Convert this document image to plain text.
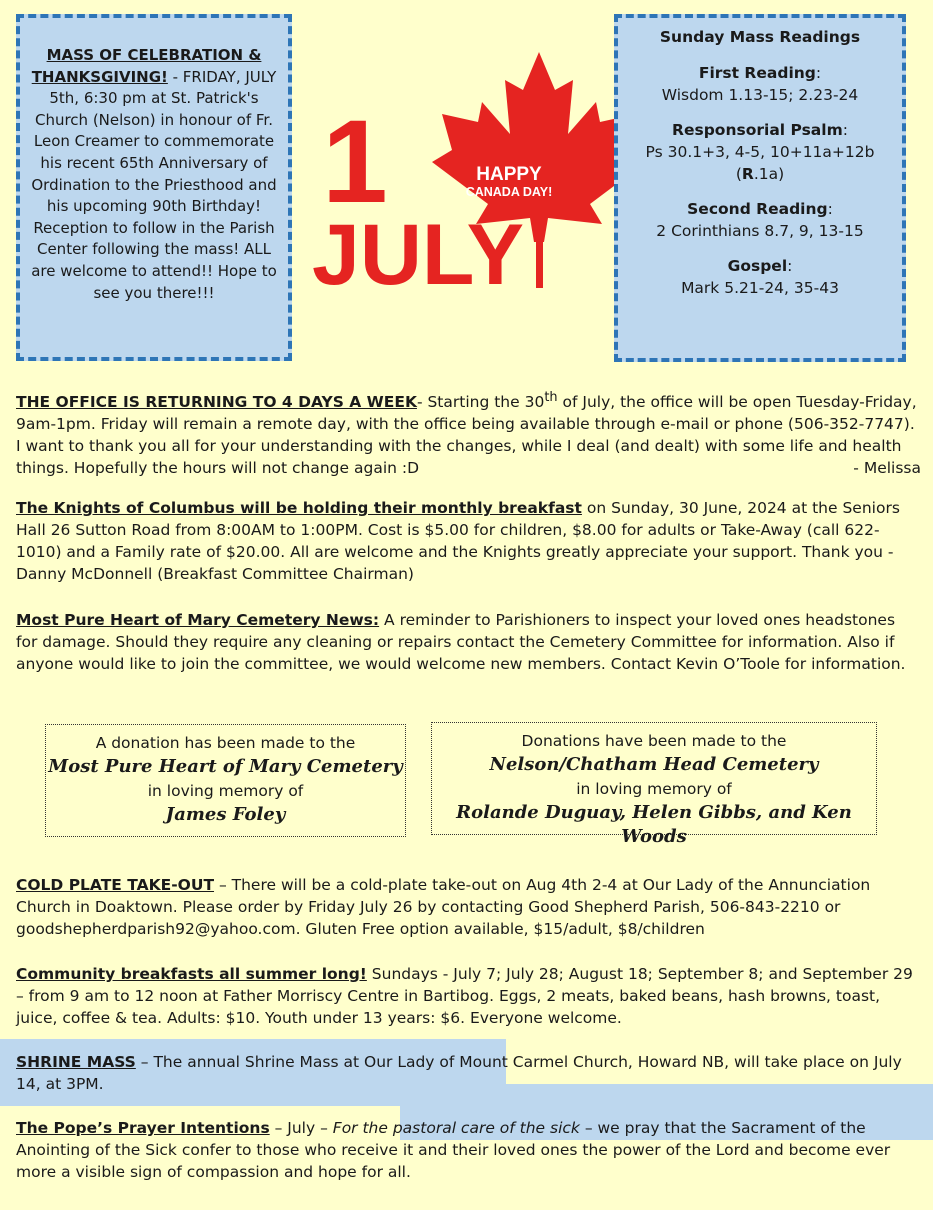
MASS OF CELEBRATION & THANKSGIVING! - FRIDAY, JULY 5th, 6:30 pm at St. Patrick's Church (Nelson) in honour of Fr. Leon Creamer to commemorate his recent 65th Anniversary of Ordination to the Priesthood and his upcoming 90th Birthday! Reception to follow in the Parish Center following the mass! ALL are welcome to attend!! Hope to see you there!!!
1
JULY
HAPPY
CANADA DAY!
Sunday Mass Readings
First Reading:
Wisdom 1.13-15; 2.23-24
Responsorial Psalm:
Ps 30.1+3, 4-5, 10+11a+12b
(R.1a)
Second Reading:
2 Corinthians 8.7, 9, 13-15
Gospel:
Mark 5.21-24, 35-43

THE OFFICE IS RETURNING TO 4 DAYS A WEEK- Starting the 30th of July, the office will be open Tuesday-Friday, 9am-1pm. Friday will remain a remote day, with the office being available through e-mail or phone (506-352-7747). I want to thank you all for your understanding with the changes, while I deal (and dealt) with some life and health things. Hopefully the hours will not change again :D	- Melissa

The Knights of Columbus will be holding their monthly breakfast on Sunday, 30 June, 2024 at the Seniors Hall 26 Sutton Road from 8:00AM to 1:00PM. Cost is $5.00 for children, $8.00 for adults or Take-Away (call 622-1010) and a Family rate of $20.00. All are welcome and the Knights greatly appreciate your support. Thank you -Danny McDonnell (Breakfast Committee Chairman)

Most Pure Heart of Mary Cemetery News: A reminder to Parishioners to inspect your loved ones headstones for damage. Should they require any cleaning or repairs contact the Cemetery Committee for information. Also if anyone would like to join the committee, we would welcome new members. Contact Kevin O’Toole for information.

A donation has been made to the
Most Pure Heart of Mary Cemetery
in loving memory of
James Foley
Donations have been made to the
Nelson/Chatham Head Cemetery
in loving memory of
Rolande Duguay, Helen Gibbs, and Ken Woods

COLD PLATE TAKE-OUT – There will be a cold-plate take-out on Aug 4th 2-4 at Our Lady of the Annunciation Church in Doaktown. Please order by Friday July 26 by contacting Good Shepherd Parish, 506-843-2210 or goodshepherdparish92@yahoo.com. Gluten Free option available, $15/adult, $8/children

Community breakfasts all summer long! Sundays - July 7; July 28; August 18; September 8; and September 29 – from 9 am to 12 noon at Father Morriscy Centre in Bartibog. Eggs, 2 meats, baked beans, hash browns, toast, juice, coffee & tea. Adults: $10. Youth under 13 years: $6. Everyone welcome.

SHRINE MASS – The annual Shrine Mass at Our Lady of Mount Carmel Church, Howard NB, will take place on July 14, at 3PM.

The Pope’s Prayer Intentions – July – For the pastoral care of the sick – we pray that the Sacrament of the Anointing of the Sick confer to those who receive it and their loved ones the power of the Lord and become ever more a visible sign of compassion and hope for all.
